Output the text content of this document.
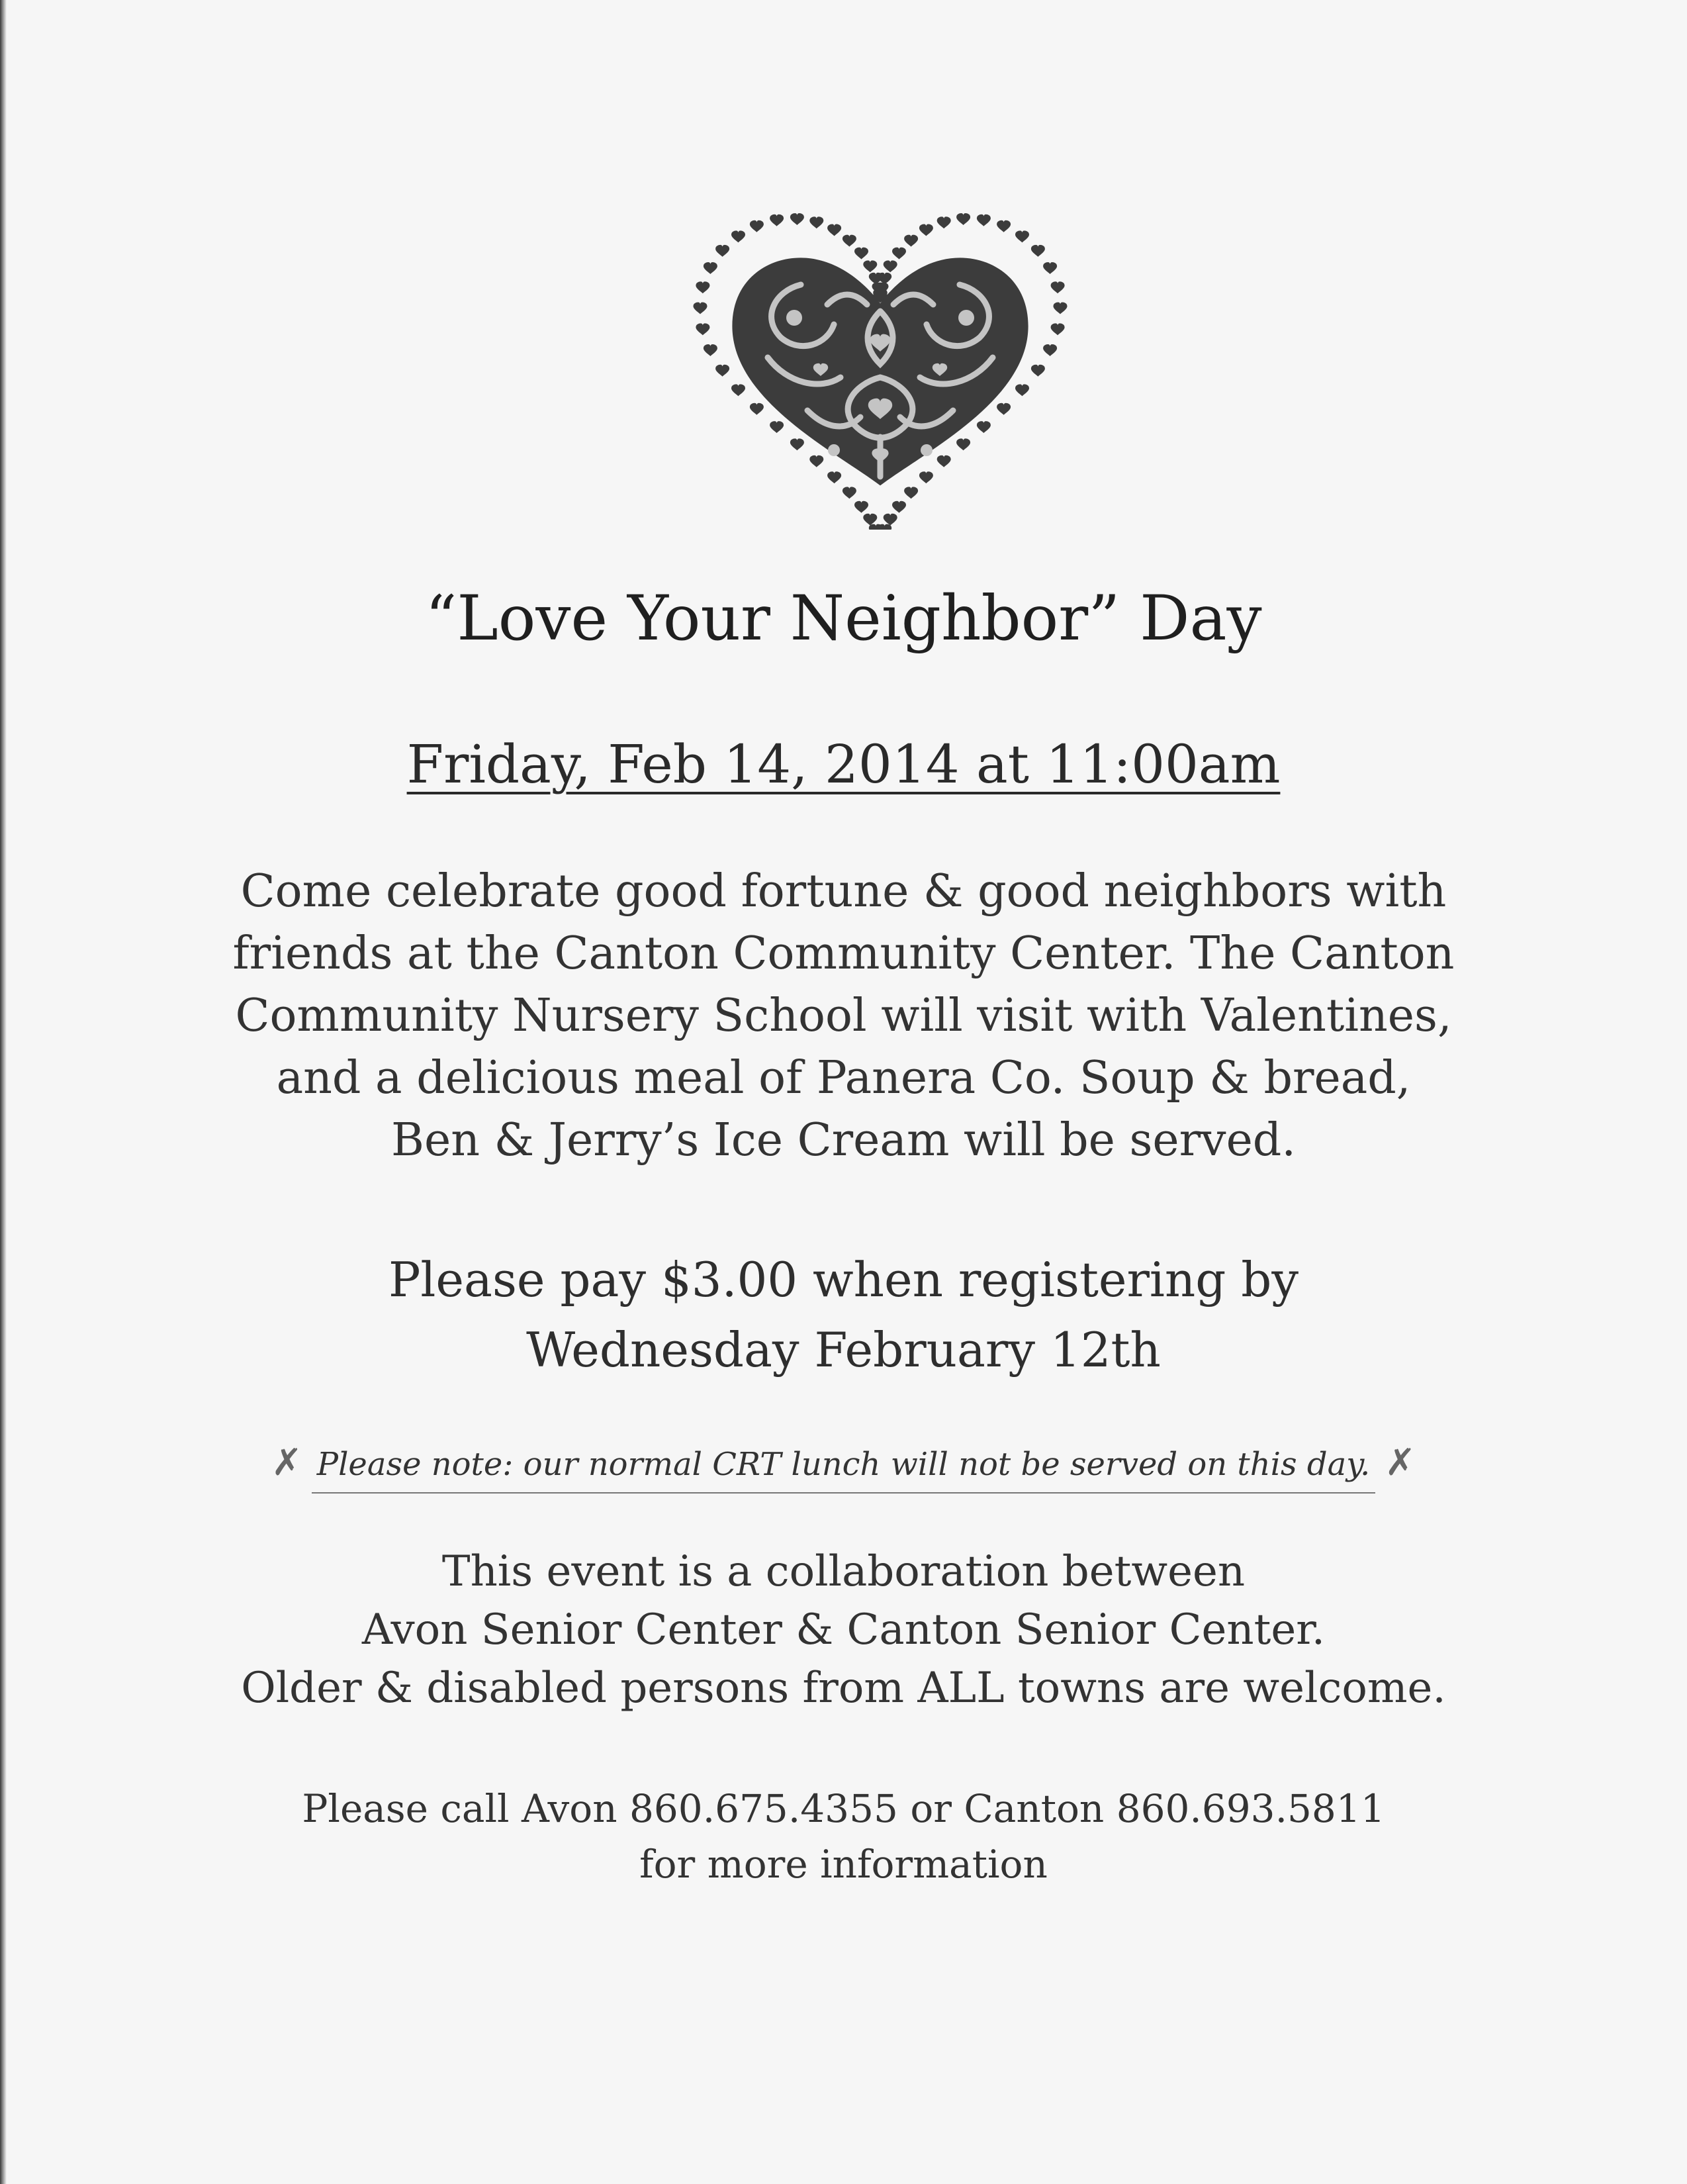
“Love Your Neighbor” Day
Friday, Feb 14, 2014 at 11:00am
Come celebrate good fortune & good neighbors with
friends at the Canton Community Center. The Canton
Community Nursery School will visit with Valentines,
and a delicious meal of Panera Co. Soup & bread,
Ben & Jerry’s Ice Cream will be served.
Please pay $3.00 when registering by
Wednesday February 12th
✗ Please note: our normal CRT lunch will not be served on this day. ✗
This event is a collaboration between
Avon Senior Center & Canton Senior Center.
Older & disabled persons from ALL towns are welcome.
Please call Avon 860.675.4355 or Canton 860.693.5811
for more information
